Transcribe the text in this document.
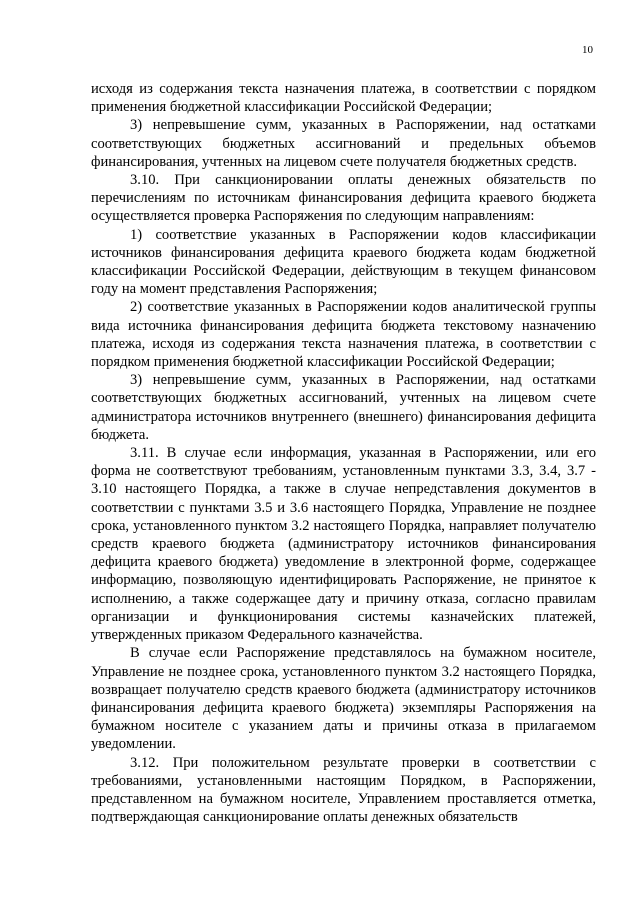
10

исходя из содержания текста назначения платежа, в соответствии с порядком применения бюджетной классификации Российской Федерации;

3) непревышение сумм, указанных в Распоряжении, над остатками соответствующих бюджетных ассигнований и предельных объемов финансирования, учтенных на лицевом счете получателя бюджетных средств.

3.10. При санкционировании оплаты денежных обязательств по перечислениям по источникам финансирования дефицита краевого бюджета осуществляется проверка Распоряжения по следующим направлениям:

1) соответствие указанных в Распоряжении кодов классификации источников финансирования дефицита краевого бюджета кодам бюджетной классификации Российской Федерации, действующим в текущем финансовом году на момент представления Распоряжения;

2) соответствие указанных в Распоряжении кодов аналитической группы вида источника финансирования дефицита бюджета текстовому назначению платежа, исходя из содержания текста назначения платежа, в соответствии с порядком применения бюджетной классификации Российской Федерации;

3) непревышение сумм, указанных в Распоряжении, над остатками соответствующих бюджетных ассигнований, учтенных на лицевом счете администратора источников внутреннего (внешнего) финансирования дефицита бюджета.

3.11. В случае если информация, указанная в Распоряжении, или его форма не соответствуют требованиям, установленным пунктами 3.3, 3.4, 3.7 - 3.10 настоящего Порядка, а также в случае непредставления документов в соответствии с пунктами 3.5 и 3.6 настоящего Порядка, Управление не позднее срока, установленного пунктом 3.2 настоящего Порядка, направляет получателю средств краевого бюджета (администратору источников финансирования дефицита краевого бюджета) уведомление в электронной форме, содержащее информацию, позволяющую идентифицировать Распоряжение, не принятое к исполнению, а также содержащее дату и причину отказа, согласно правилам организации и функционирования системы казначейских платежей, утвержденных приказом Федерального казначейства.

В случае если Распоряжение представлялось на бумажном носителе, Управление не позднее срока, установленного пунктом 3.2 настоящего Порядка, возвращает получателю средств краевого бюджета (администратору источников финансирования дефицита краевого бюджета) экземпляры Распоряжения на бумажном носителе с указанием даты и причины отказа в прилагаемом уведомлении.

3.12. При положительном результате проверки в соответствии с требованиями, установленными настоящим Порядком, в Распоряжении, представленном на бумажном носителе, Управлением проставляется отметка, подтверждающая санкционирование оплаты денежных обязательств
